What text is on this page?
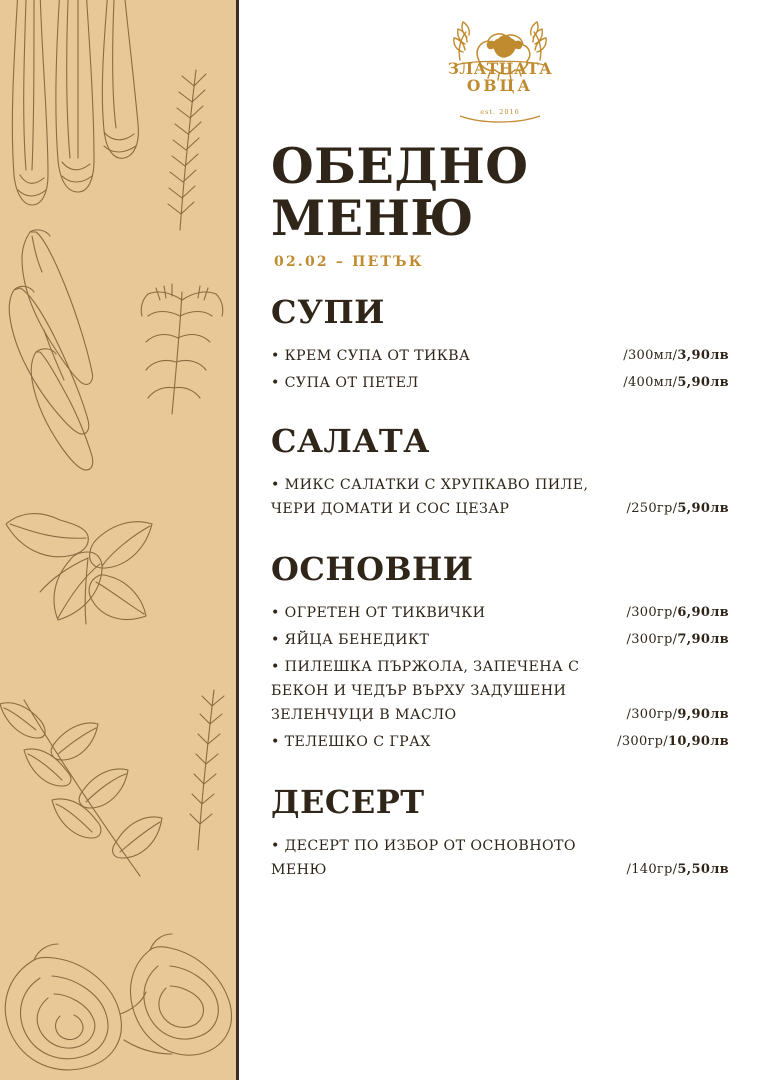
ЗЛАТНАТА
ОВЦА
est. 2016
ОБЕДНО МЕНЮ
02.02 – ПЕТЪК
СУПИ
• КРЕМ СУПА ОТ ТИКВА	/300мл/3,90лв
• СУПА ОТ ПЕТЕЛ	/400мл/5,90лв
САЛАТА
• МИКС САЛАТКИ С ХРУПКАВО ПИЛЕ, ЧЕРИ ДОМАТИ И СОС ЦЕЗАР	/250гр/5,90лв
ОСНОВНИ
• ОГРЕТЕН ОТ ТИКВИЧКИ	/300гр/6,90лв
• ЯЙЦА БЕНЕДИКТ	/300гр/7,90лв
• ПИЛЕШКА ПЪРЖОЛА, ЗАПЕЧЕНА С БЕКОН И ЧЕДЪР ВЪРХУ ЗАДУШЕНИ ЗЕЛЕНЧУЦИ В МАСЛО	/300гр/9,90лв
• ТЕЛЕШКО С ГРАХ	/300гр/10,90лв
ДЕСЕРТ
• ДЕСЕРТ ПО ИЗБОР ОТ ОСНОВНОТО МЕНЮ	/140гр/5,50лв
